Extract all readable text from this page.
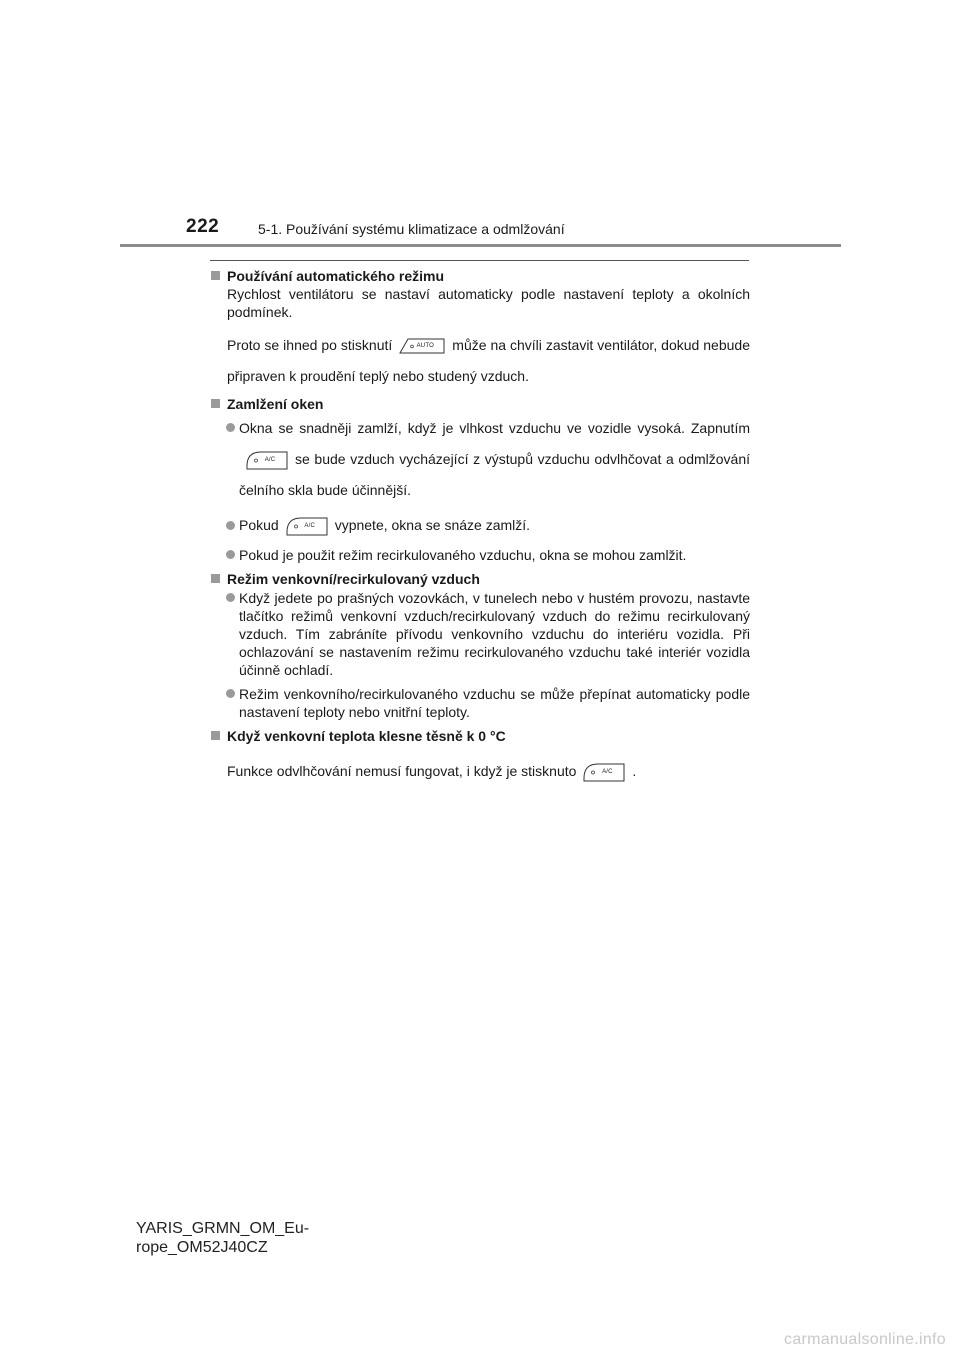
222	5-1. Používání systému klimatizace a odmlžování
Používání automatického režimu
Rychlost ventilátoru se nastaví automaticky podle nastavení teploty a okolních podmínek.
Proto se ihned po stisknutí	AUTO	může na chvíli zastavit ventilátor, dokud nebude připraven k proudění teplý nebo studený vzduch.
Zamlžení oken
Okna se snadněji zamlží, když je vlhkost vzduchu ve vozidle vysoká. Zapnutím
A/C	se bude vzduch vycházející z výstupů vzduchu odvlhčovat a odmlžování čelního skla bude účinnější.
Pokud	A/C	vypnete, okna se snáze zamlží.
Pokud je použit režim recirkulovaného vzduchu, okna se mohou zamlžit.
Režim venkovní/recirkulovaný vzduch
Když jedete po prašných vozovkách, v tunelech nebo v hustém provozu, nastavte tlačítko režimů venkovní vzduch/recirkulovaný vzduch do režimu recirkulovaný vzduch. Tím zabráníte přívodu venkovního vzduchu do interiéru vozidla. Při ochlazování se nastavením režimu recirkulovaného vzduchu také interiér vozidla účinně ochladí.
Režim venkovního/recirkulovaného vzduchu se může přepínat automaticky podle nastavení teploty nebo vnitřní teploty.
Když venkovní teplota klesne těsně k 0 °C
Funkce odvlhčování nemusí fungovat, i když je stisknuto	A/C	.
YARIS_GRMN_OM_Eu-
rope_OM52J40CZ
carmanualsonline.info
